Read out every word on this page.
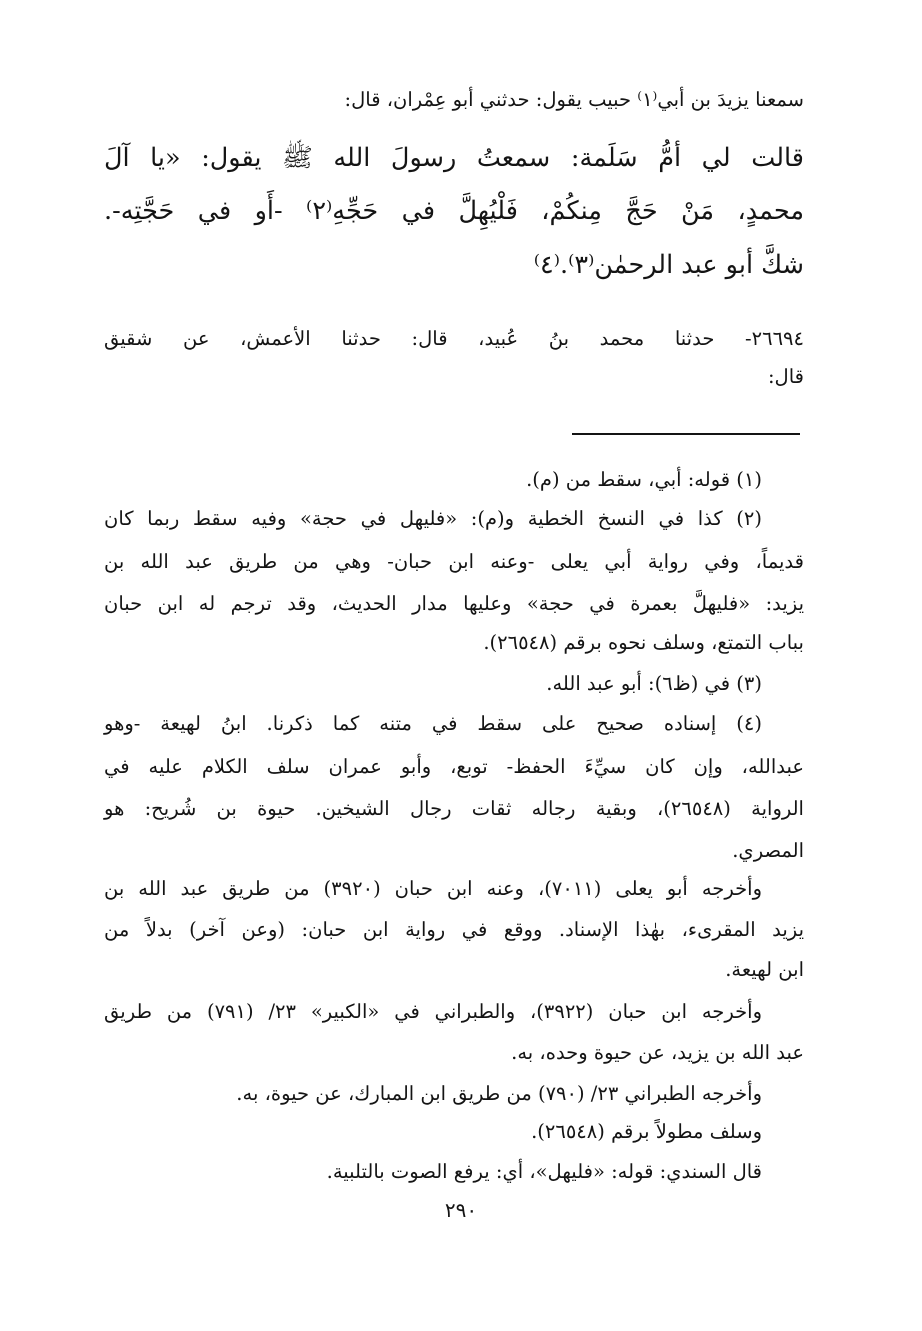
سمعنا يزيدَ بن أبي⁽١⁾ حبيب يقول: حدثني أبو عِمْران، قال:
قالت لي أمُّ سَلَمة: سمعتُ رسولَ الله ﷺ يقول: «يا آلَ
محمدٍ، مَنْ حَجَّ مِنكُمْ، فَلْيُهِلَّ في حَجِّهِ⁽٢⁾ -أَو في حَجَّتِه-.
شكَّ أبو عبد الرحمٰن⁽٣⁾.⁽٤⁾
٢٦٦٩٤- حدثنا محمد بنُ عُبيد، قال: حدثنا الأعمش، عن شقيق
قال:
(١) قوله: أبي، سقط من (م).
(٢) كذا في النسخ الخطية و(م): «فليهل في حجة» وفيه سقط ربما كان
قديماً، وفي رواية أبي يعلى -وعنه ابن حبان- وهي من طريق عبد الله بن
يزيد: «فليهلَّ بعمرة في حجة» وعليها مدار الحديث، وقد ترجم له ابن حبان
بباب التمتع، وسلف نحوه برقم (٢٦٥٤٨).
(٣) في (ظ٦): أبو عبد الله.
(٤) إسناده صحيح على سقط في متنه كما ذكرنا. ابنُ لهيعة -وهو
عبدالله، وإن كان سيِّءَ الحفظ- توبع، وأبو عمران سلف الكلام عليه في
الرواية (٢٦٥٤٨)، وبقية رجاله ثقات رجال الشيخين. حيوة بن شُريح: هو
المصري.
وأخرجه أبو يعلى (٧٠١١)، وعنه ابن حبان (٣٩٢٠) من طريق عبد الله بن
يزيد المقرىء، بهٰذا الإسناد. ووقع في رواية ابن حبان: (وعن آخر) بدلاً من
ابن لهيعة.
وأخرجه ابن حبان (٣٩٢٢)، والطبراني في «الكبير» ٢٣/ (٧٩١) من طريق
عبد الله بن يزيد، عن حيوة وحده، به.
وأخرجه الطبراني ٢٣/ (٧٩٠) من طريق ابن المبارك، عن حيوة، به.
وسلف مطولاً برقم (٢٦٥٤٨).
قال السندي: قوله: «فليهل»، أي: يرفع الصوت بالتلبية.
٢٩٠
